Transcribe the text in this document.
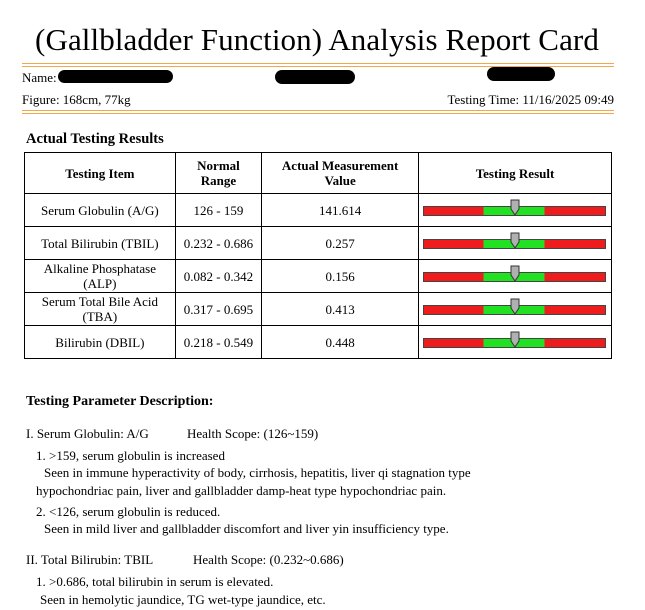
(Gallbladder Function) Analysis Report Card
Name:
Figure: 168cm, 77kg	Testing Time: 11/16/2025 09:49
Actual Testing Results
Testing Item	Normal Range	Actual Measurement Value	Testing Result
Serum Globulin (A/G)	126 - 159	141.614	

Total Bilirubin (TBIL)	0.232 - 0.686	0.257	

Alkaline Phosphatase (ALP)	0.082 - 0.342	0.156	

Serum Total Bile Acid (TBA)	0.317 - 0.695	0.413	

Bilirubin (DBIL)	0.218 - 0.549	0.448	
Testing Parameter Description:
I. Serum Globulin: A/G	Health Scope: (126~159)
1. >159, serum globulin is increased
Seen in immune hyperactivity of body, cirrhosis, hepatitis, liver qi stagnation type
hypochondriac pain, liver and gallbladder damp-heat type hypochondriac pain.
2. <126, serum globulin is reduced.
Seen in mild liver and gallbladder discomfort and liver yin insufficiency type.
II. Total Bilirubin: TBIL	Health Scope: (0.232~0.686)
1. >0.686, total bilirubin in serum is elevated.
Seen in hemolytic jaundice, TG wet-type jaundice, etc.
